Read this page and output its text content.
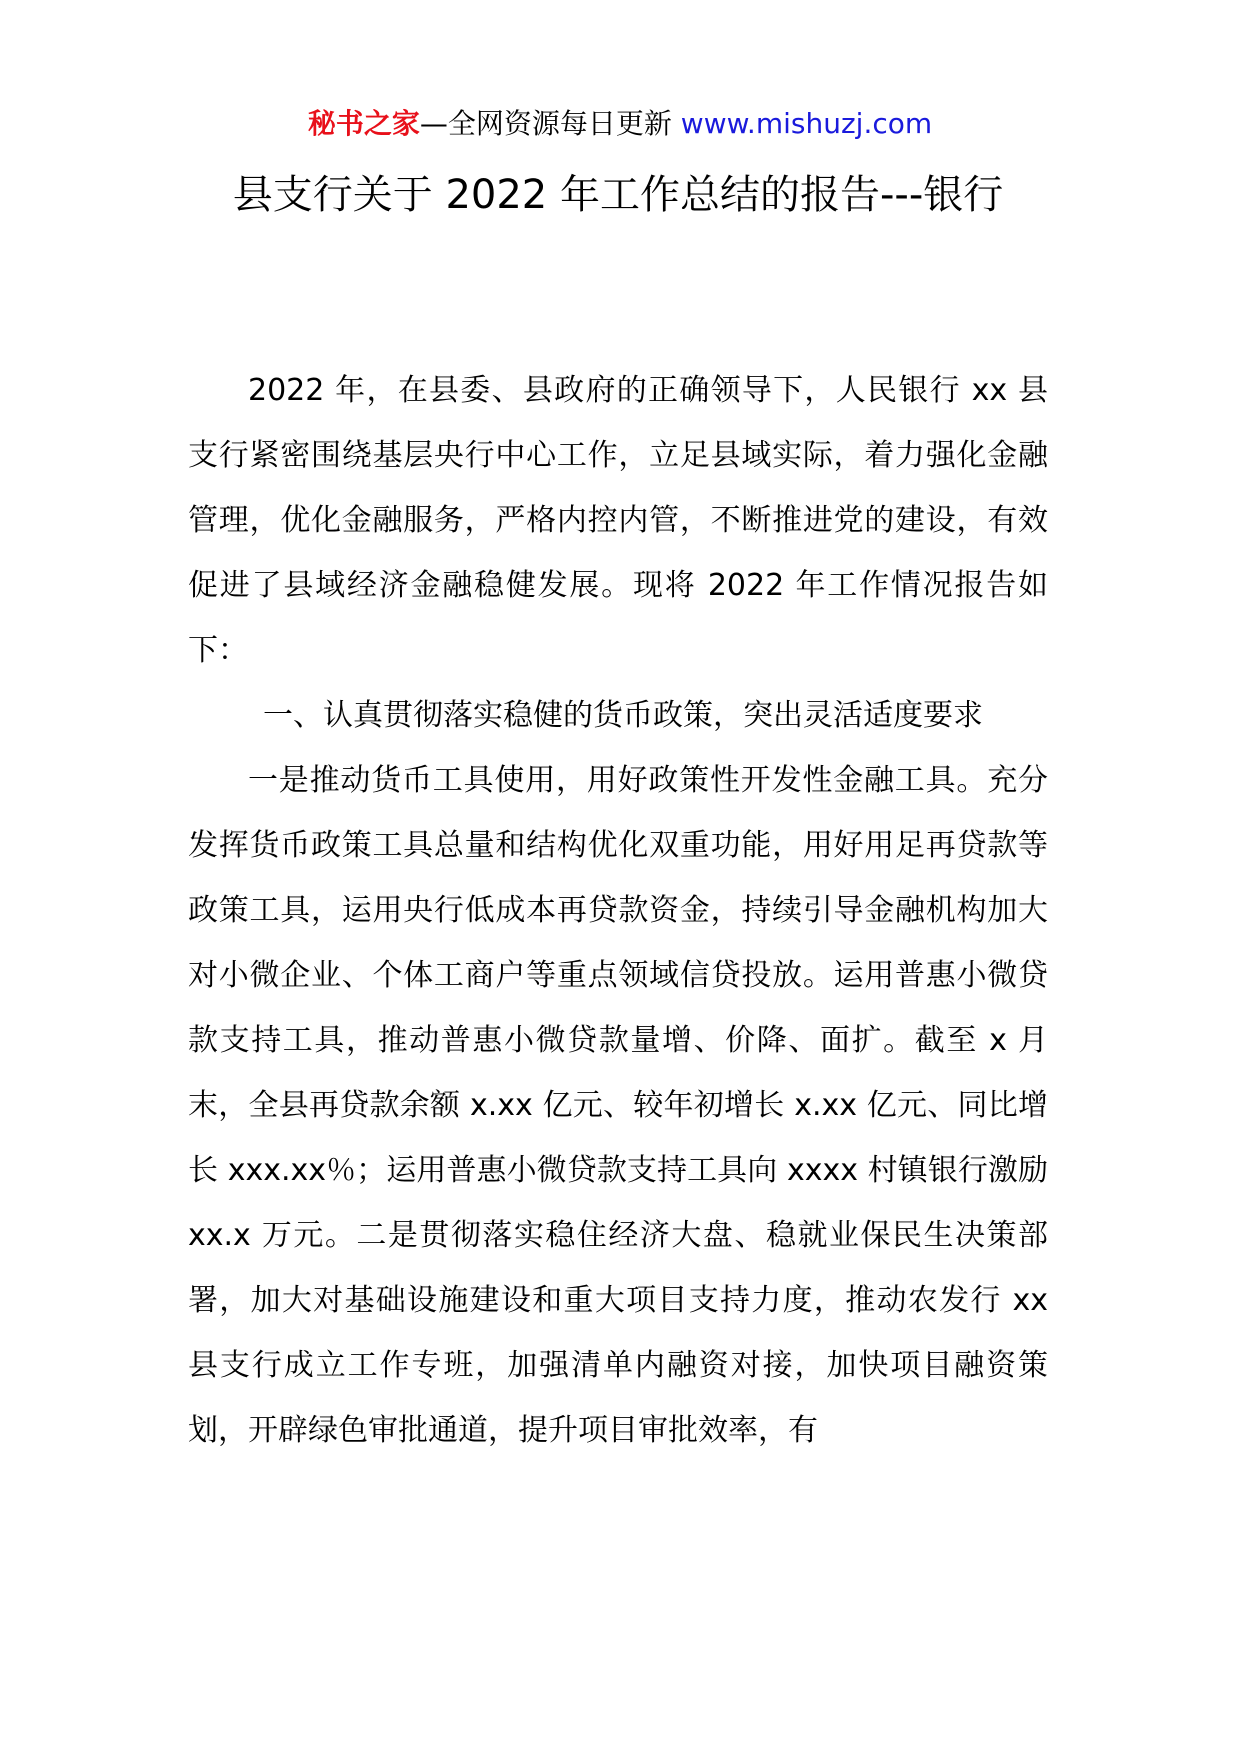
秘书之家—全网资源每日更新 www.mishuzj.com
县支行关于 2022 年工作总结的报告---银行

2022 年，在县委、县政府的正确领导下，人民银行 xx 县支行紧密围绕基层央行中心工作，立足县域实际，着力强化金融管理，优化金融服务，严格内控内管，不断推进党的建设，有效促进了县域经济金融稳健发展。现将 2022 年工作情况报告如下：

一、认真贯彻落实稳健的货币政策，突出灵活适度要求

一是推动货币工具使用，用好政策性开发性金融工具。充分发挥货币政策工具总量和结构优化双重功能，用好用足再贷款等政策工具，运用央行低成本再贷款资金，持续引导金融机构加大对小微企业、个体工商户等重点领域信贷投放。运用普惠小微贷款支持工具，推动普惠小微贷款量增、价降、面扩。截至 x 月末，全县再贷款余额 x.xx 亿元、较年初增长 x.xx 亿元、同比增长 xxx.xx％；运用普惠小微贷款支持工具向 xxxx 村镇银行激励 xx.x 万元。二是贯彻落实稳住经济大盘、稳就业保民生决策部署，加大对基础设施建设和重大项目支持力度，推动农发行 xx 县支行成立工作专班，加强清单内融资对接，加快项目融资策划，开辟绿色审批通道，提升项目审批效率，有
